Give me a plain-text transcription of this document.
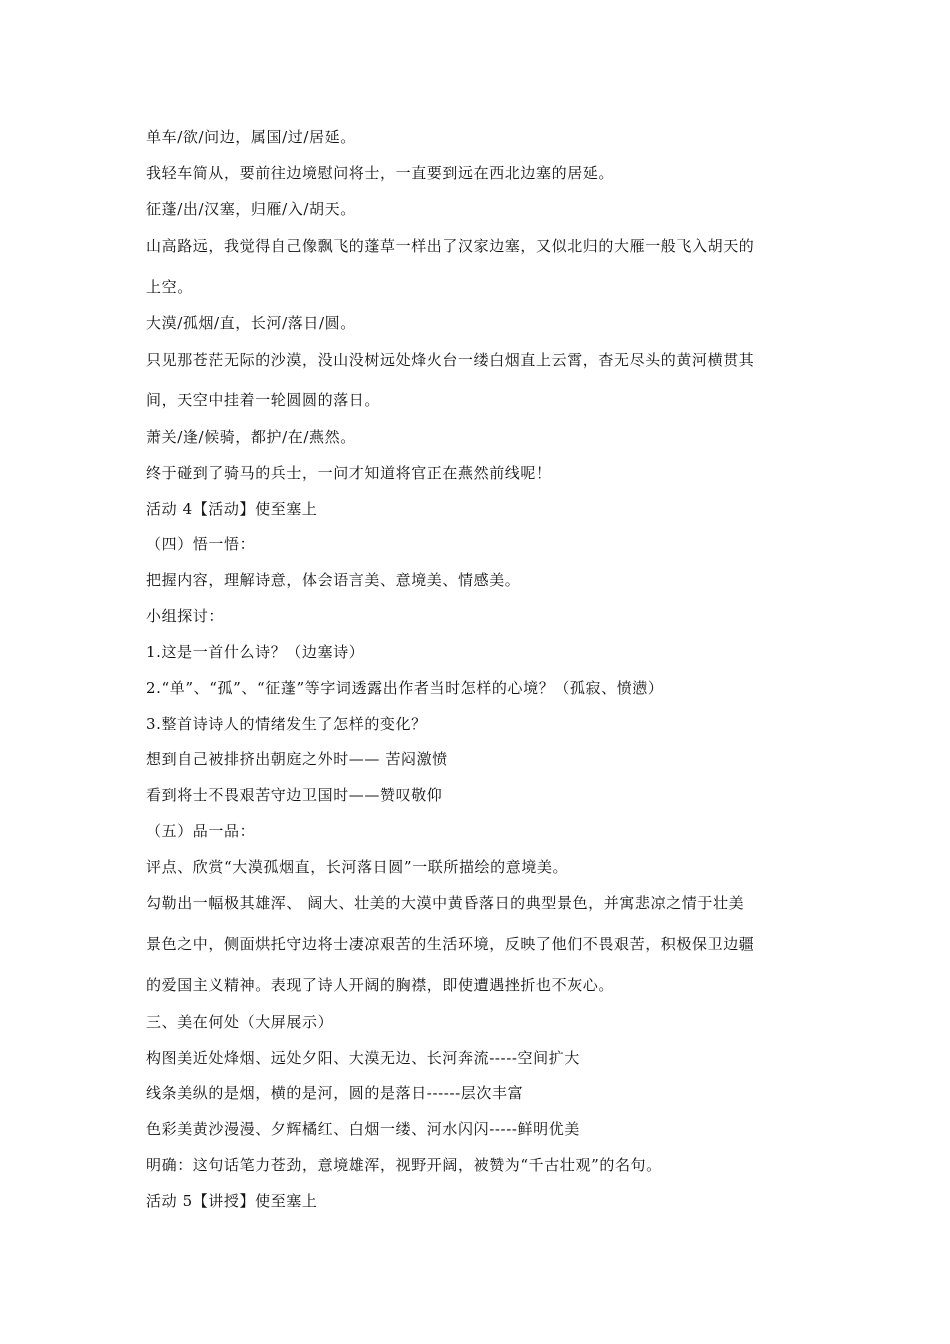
单车/欲/问边，属国/过/居延。
我轻车简从，要前往边境慰问将士，一直要到远在西北边塞的居延。
征蓬/出/汉塞，归雁/入/胡天。
山高路远，我觉得自己像飘飞的蓬草一样出了汉家边塞，又似北归的大雁一般飞入胡天的
上空。
大漠/孤烟/直，长河/落日/圆。
只见那苍茫无际的沙漠，没山没树远处烽火台一缕白烟直上云霄，杳无尽头的黄河横贯其
间，天空中挂着一轮圆圆的落日。
萧关/逢/候骑，都护/在/燕然。
终于碰到了骑马的兵士，一问才知道将官正在燕然前线呢！
活动 4【活动】使至塞上
（四）悟一悟：
把握内容，理解诗意，体会语言美、意境美、情感美。
小组探讨：
1.这是一首什么诗？（边塞诗）
2.“单”、“孤”、“征蓬”等字词透露出作者当时怎样的心境？（孤寂、愤懑）
3.整首诗诗人的情绪发生了怎样的变化？
想到自己被排挤出朝庭之外时—— 苦闷激愤
看到将士不畏艰苦守边卫国时——赞叹敬仰
（五）品一品：
评点、欣赏“大漠孤烟直，长河落日圆”一联所描绘的意境美。
勾勒出一幅极其雄浑、 阔大、壮美的大漠中黄昏落日的典型景色，并寓悲凉之情于壮美
景色之中，侧面烘托守边将士凄凉艰苦的生活环境，反映了他们不畏艰苦，积极保卫边疆
的爱国主义精神。表现了诗人开阔的胸襟，即使遭遇挫折也不灰心。
三、美在何处（大屏展示）
构图美近处烽烟、远处夕阳、大漠无边、长河奔流-----空间扩大
线条美纵的是烟，横的是河，圆的是落日------层次丰富
色彩美黄沙漫漫、夕辉橘红、白烟一缕、河水闪闪-----鲜明优美
明确：这句话笔力苍劲，意境雄浑，视野开阔，被赞为“千古壮观”的名句。
活动 5【讲授】使至塞上
